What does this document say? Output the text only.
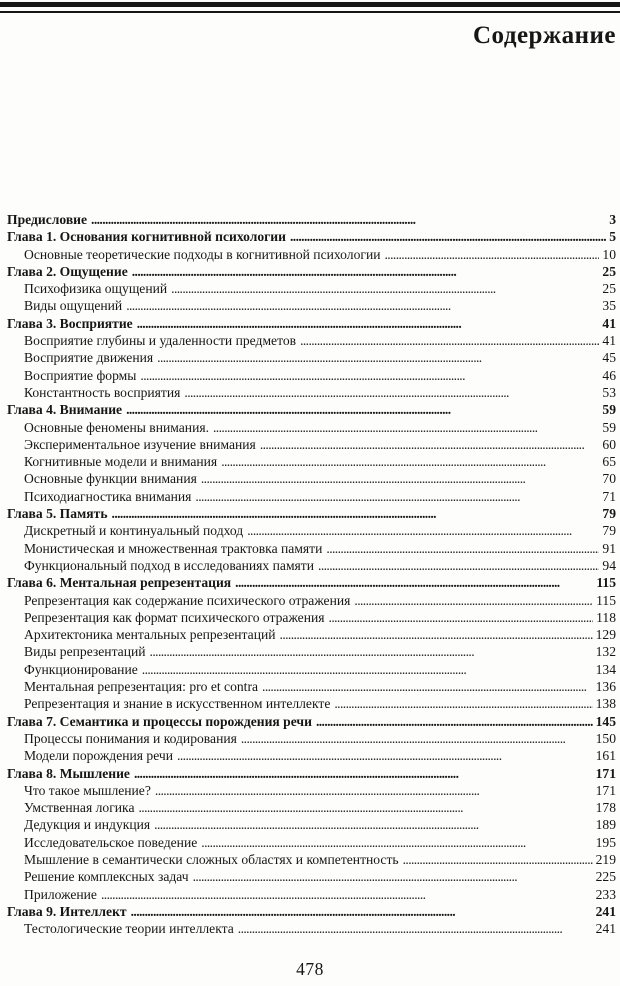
Содержание
Предисловие . . .	3
Глава 1. Основания когнитивной психологии . . .	5
Основные теоретические подходы в когнитивной психологии . . .	10
Глава 2. Ощущение . . .	25
Психофизика ощущений . . .	25
Виды ощущений . . .	35
Глава 3. Восприятие . . .	41
Восприятие глубины и удаленности предметов . . .	41
Восприятие движения . . .	45
Восприятие формы . . .	46
Константность восприятия . . .	53
Глава 4. Внимание . . .	59
Основные феномены внимания. . . .	59
Экспериментальное изучение внимания . . .	60
Когнитивные модели и внимания . . .	65
Основные функции внимания . . .	70
Психодиагностика внимания . . .	71
Глава 5. Память . . .	79
Дискретный и континуальный подход . . .	79
Монистическая и множественная трактовка памяти . . .	91
Функциональный подход в исследованиях памяти . . .	94
Глава 6. Ментальная репрезентация . . .	115
Репрезентация как содержание психического отражения . . .	115
Репрезентация как формат психического отражения . . .	118
Архитектоника ментальных репрезентаций . . .	129
Виды репрезентаций . . .	132
Функционирование . . .	134
Ментальная репрезентация: pro et contra . . .	136
Репрезентация и знание в искусственном интеллекте . . .	138
Глава 7. Семантика и процессы порождения речи . . .	145
Процессы понимания и кодирования . . .	150
Модели порождения речи . . .	161
Глава 8. Мышление . . .	171
Что такое мышление? . . .	171
Умственная логика . . .	178
Дедукция и индукция . . .	189
Исследовательское поведение . . .	195
Мышление в семантически сложных областях и компетентность . . .	219
Решение комплексных задач . . .	225
Приложение . . .	233
Глава 9. Интеллект . . .	241
Тестологические теории интеллекта . . .	241
478
